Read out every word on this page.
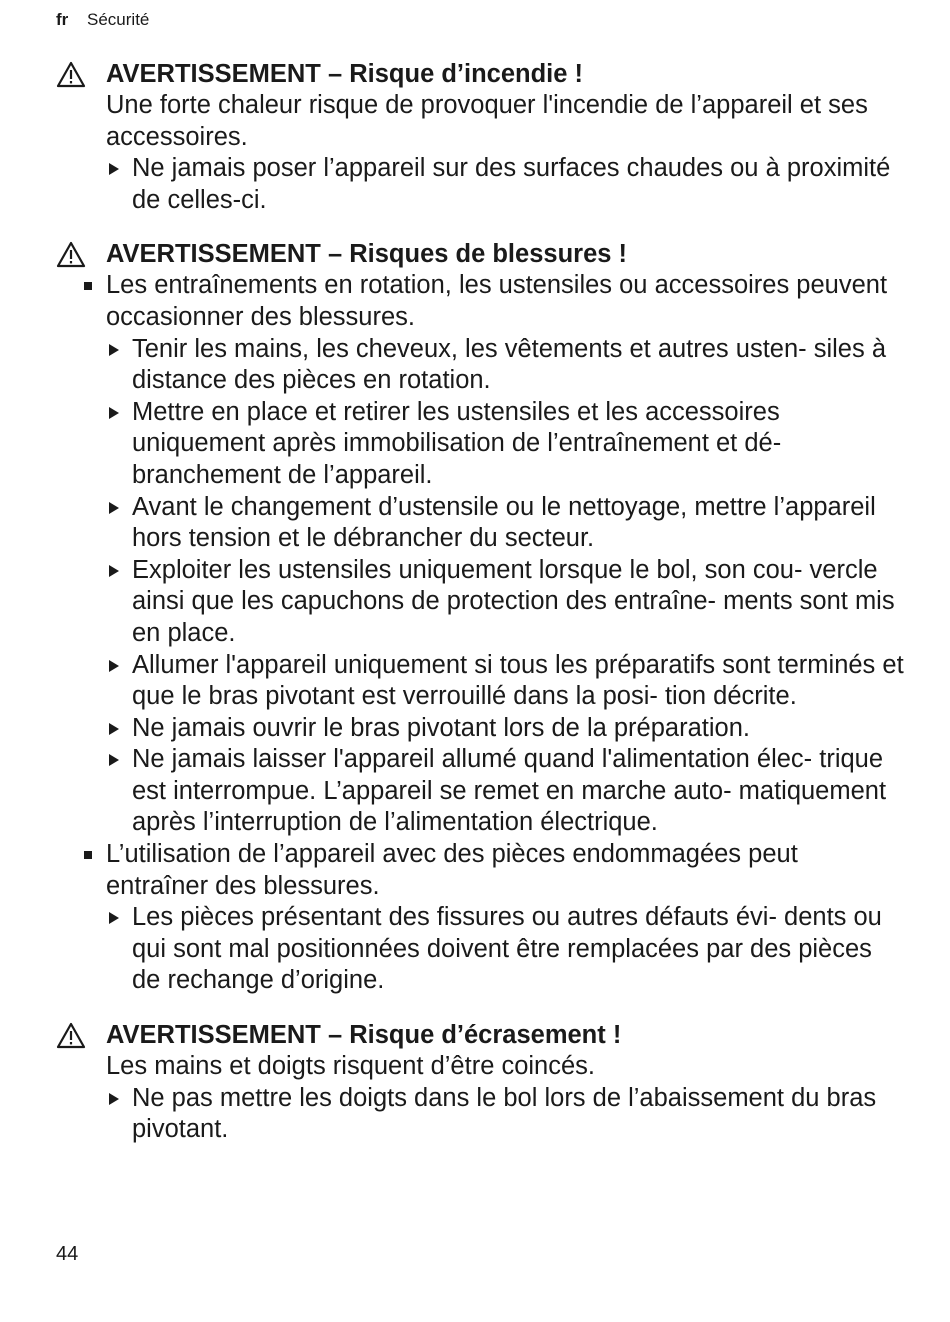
fr Sécurité
AVERTISSEMENT – Risque d’incendie !
Une forte chaleur risque de provoquer l'incendie de l’appareil et ses accessoires.
Ne jamais poser l’appareil sur des surfaces chaudes ou à proximité de celles-ci.
AVERTISSEMENT – Risques de blessures !
Les entraînements en rotation, les ustensiles ou accessoires peuvent occasionner des blessures.
Tenir les mains, les cheveux, les vêtements et autres usten- siles à distance des pièces en rotation.
Mettre en place et retirer les ustensiles et les accessoires uniquement après immobilisation de l’entraînement et dé- branchement de l’appareil.
Avant le changement d’ustensile ou le nettoyage, mettre l’appareil hors tension et le débrancher du secteur.
Exploiter les ustensiles uniquement lorsque le bol, son cou- vercle ainsi que les capuchons de protection des entraîne- ments sont mis en place.
Allumer l'appareil uniquement si tous les préparatifs sont terminés et que le bras pivotant est verrouillé dans la posi- tion décrite.
Ne jamais ouvrir le bras pivotant lors de la préparation.
Ne jamais laisser l'appareil allumé quand l'alimentation élec- trique est interrompue. L’appareil se remet en marche auto- matiquement après l’interruption de l’alimentation électrique.
L’utilisation de l’appareil avec des pièces endommagées peut entraîner des blessures.
Les pièces présentant des fissures ou autres défauts évi- dents ou qui sont mal positionnées doivent être remplacées par des pièces de rechange d’origine.
AVERTISSEMENT – Risque d’écrasement !
Les mains et doigts risquent d’être coincés.
Ne pas mettre les doigts dans le bol lors de l’abaissement du bras pivotant.
44
